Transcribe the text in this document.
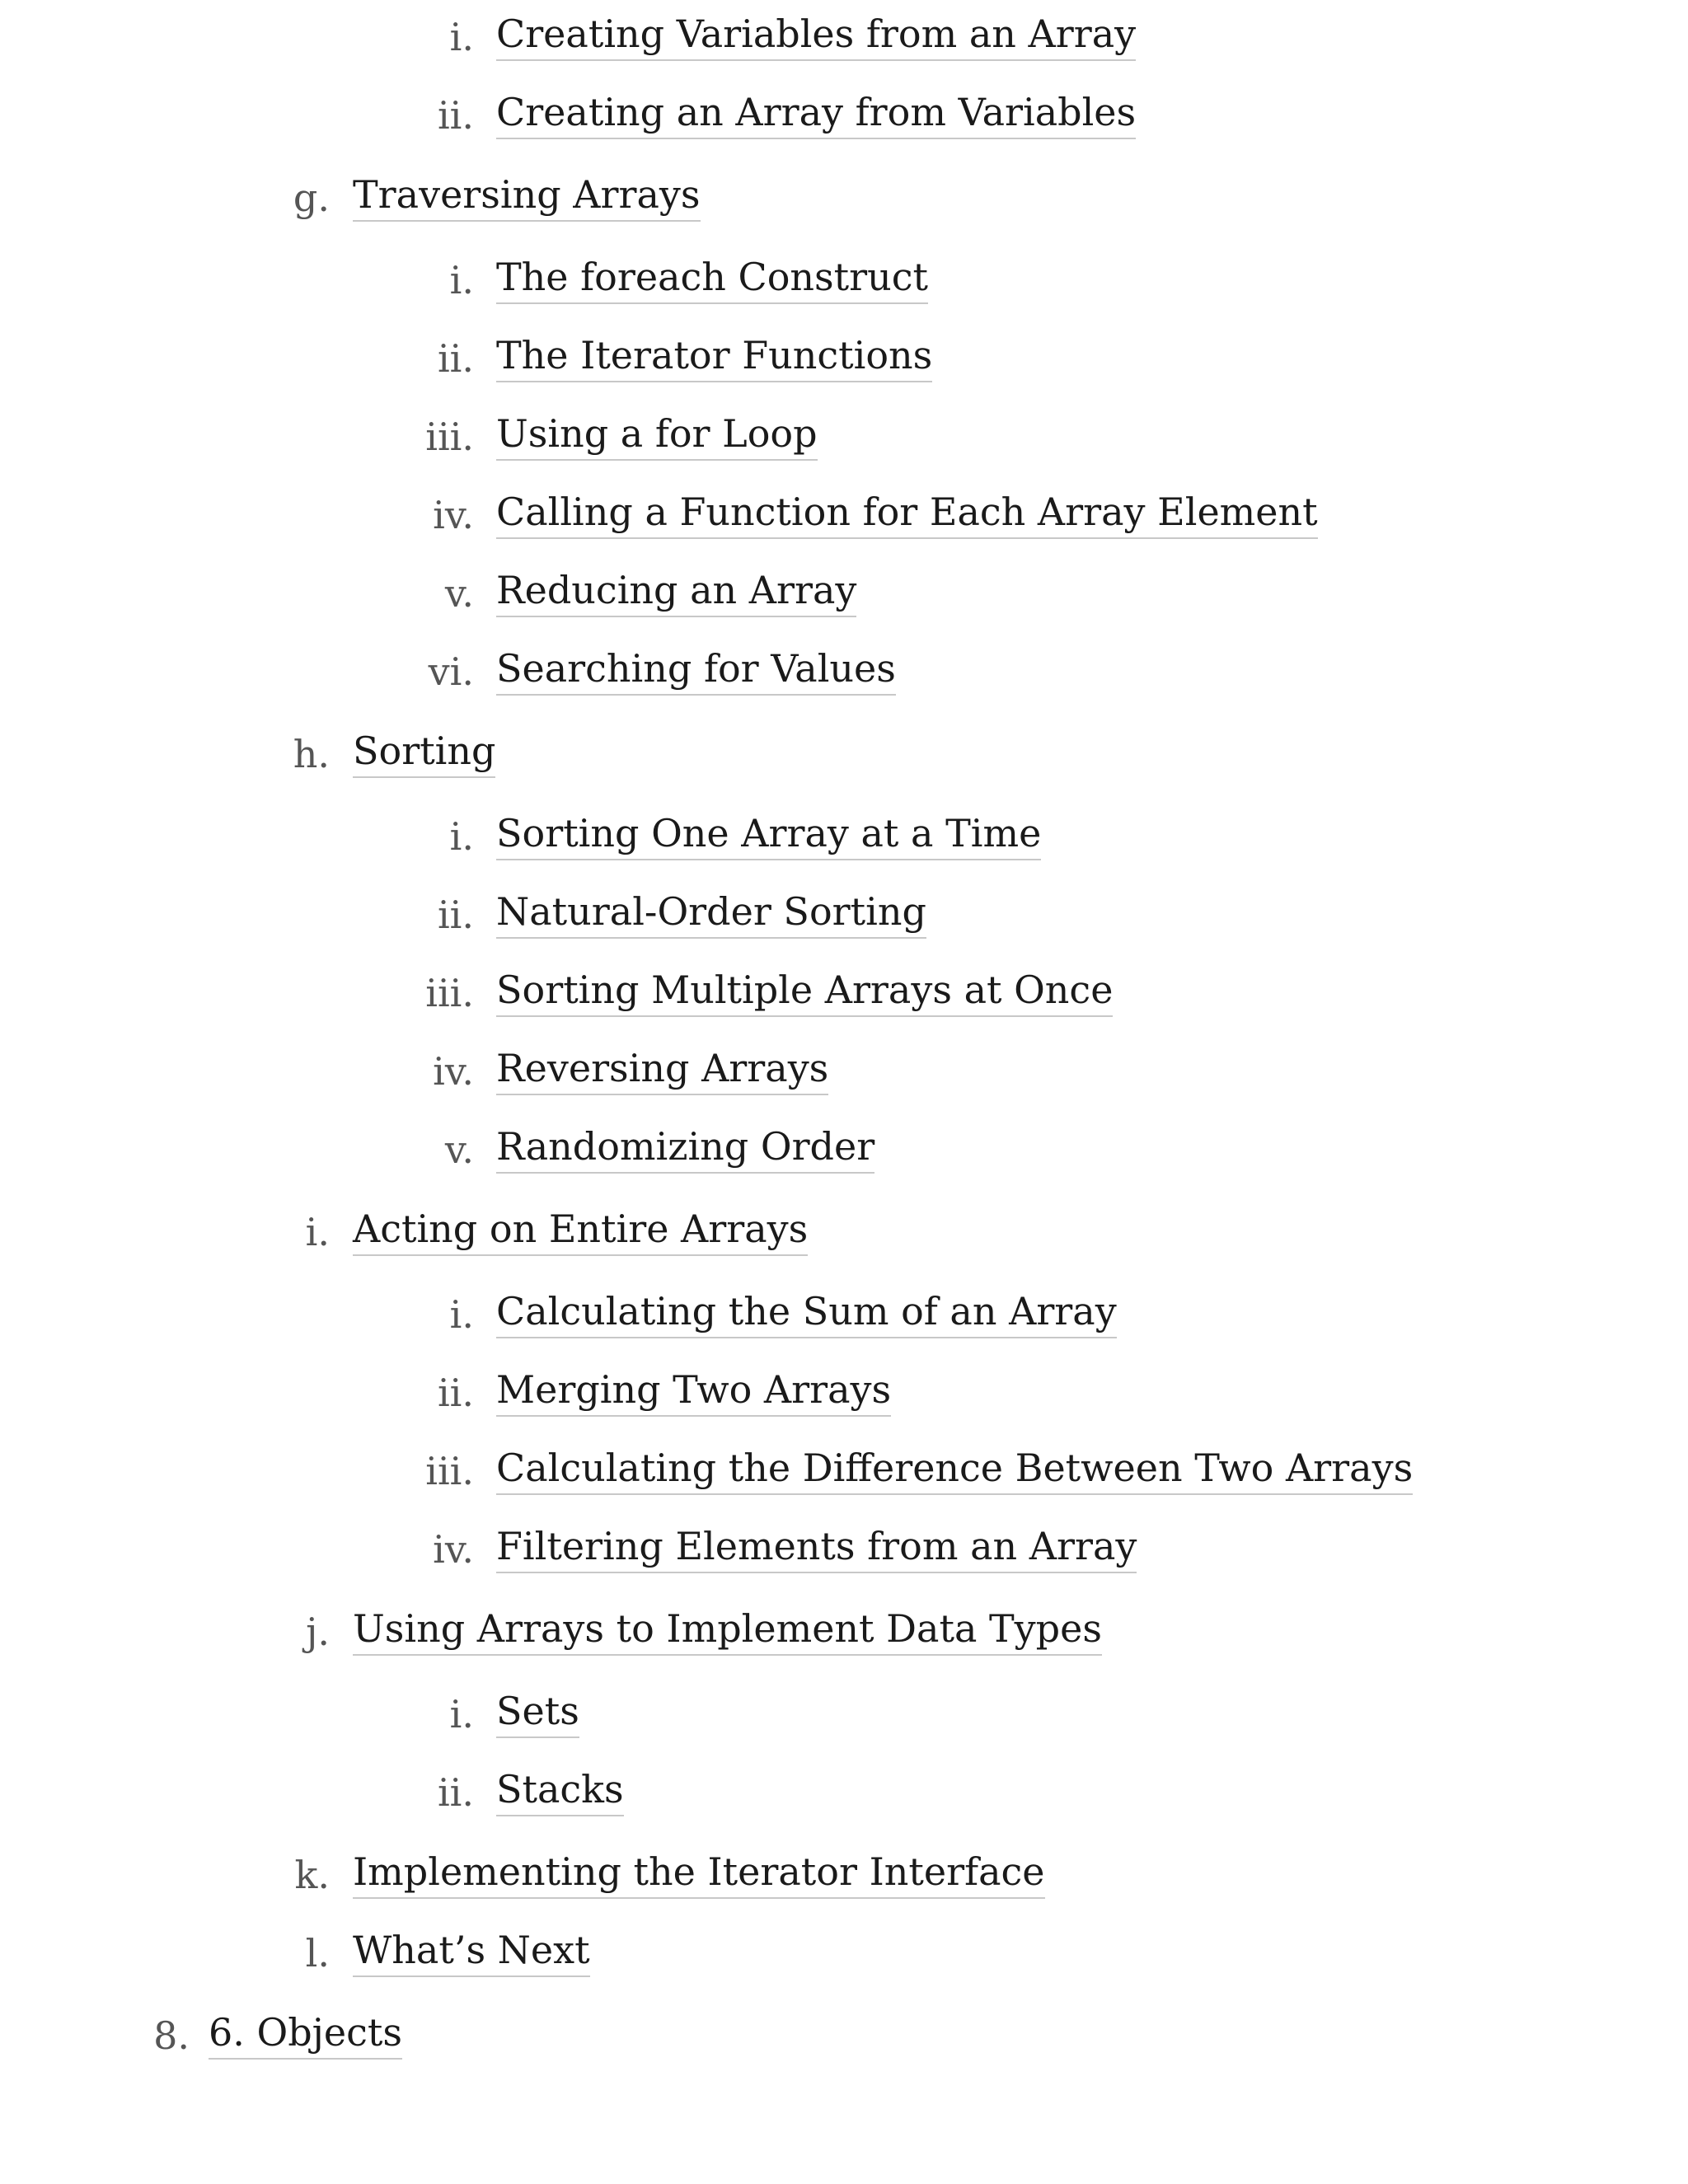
i. Creating Variables from an Array
ii. Creating an Array from Variables
g. Traversing Arrays
i. The foreach Construct
ii. The Iterator Functions
iii. Using a for Loop
iv. Calling a Function for Each Array Element
v. Reducing an Array
vi. Searching for Values
h. Sorting
i. Sorting One Array at a Time
ii. Natural-Order Sorting
iii. Sorting Multiple Arrays at Once
iv. Reversing Arrays
v. Randomizing Order
i. Acting on Entire Arrays
i. Calculating the Sum of an Array
ii. Merging Two Arrays
iii. Calculating the Difference Between Two Arrays
iv. Filtering Elements from an Array
j. Using Arrays to Implement Data Types
i. Sets
ii. Stacks
k. Implementing the Iterator Interface
l. What’s Next
8. 6. Objects
